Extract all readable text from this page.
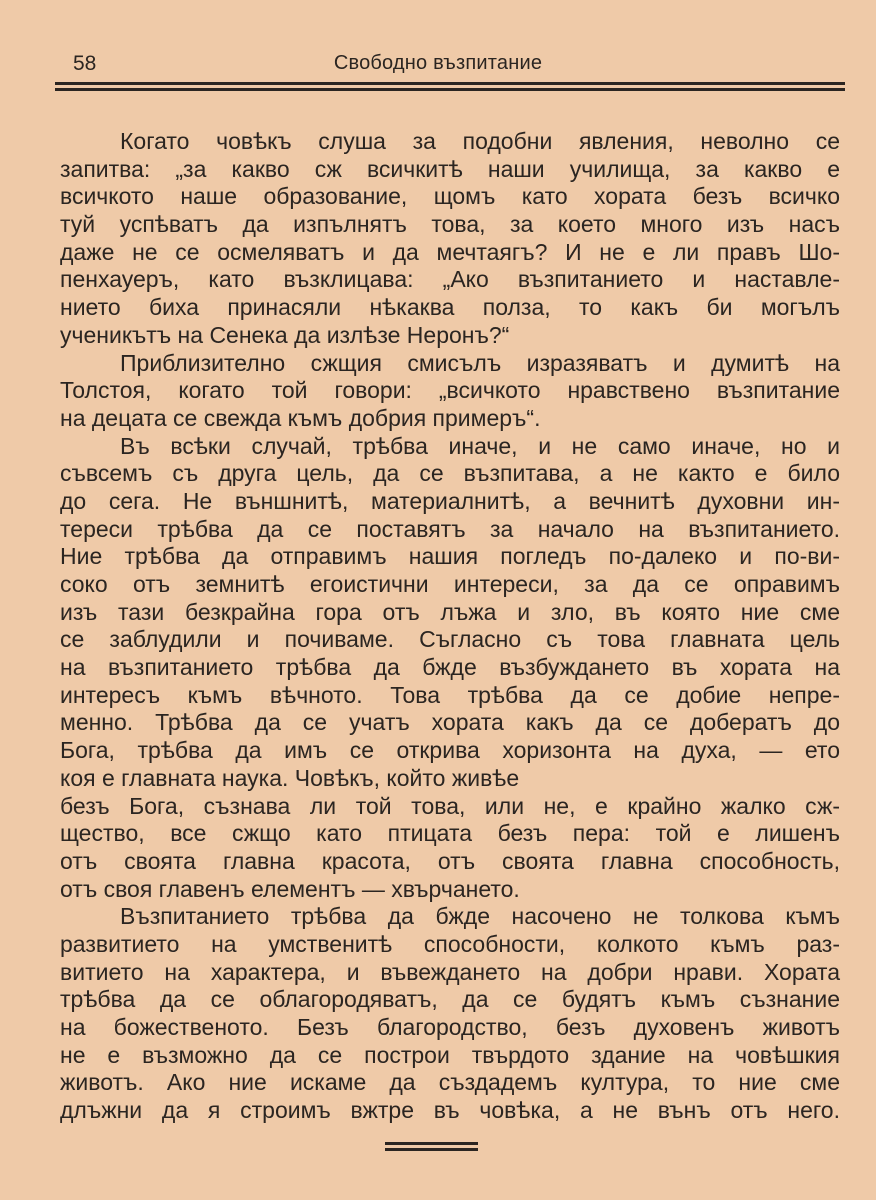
58	Свободно възпитание
Когато човѣкъ слуша за подобни явления, неволно се
запитва: „за какво сж всичкитѣ наши училища, за какво е
всичкото наше образование, щомъ като хората безъ всичко
туй успѣватъ да изпълнятъ това, за което много изъ насъ
даже не се осмеляватъ и да мечтаягъ? И не е ли правъ Шо-
пенхауеръ, като възклицава: „Ако възпитанието и наставле-
нието биха принасяли нѣкаква полза, то какъ би могълъ
ученикътъ на Сенека да излѣзе Неронъ?“
Приблизително сжщия смисълъ изразяватъ и думитѣ на
Толстоя, когато той говори: „всичкото нравствено възпитание
на децата се свежда къмъ добрия примеръ“.
Въ всѣки случай, трѣбва иначе, и не само иначе, но и
съвсемъ съ друга цель, да се възпитава, а не както е било
до сега. Не външнитѣ, материалнитѣ, а вечнитѣ духовни ин-
тереси трѣбва да се поставятъ за начало на възпитанието.
Ние трѣбва да отправимъ нашия погледъ по-далеко и по-ви-
соко отъ земнитѣ егоистични интереси, за да се оправимъ
изъ тази безкрайна гора отъ лъжа и зло, въ която ние сме
се заблудили и почиваме. Съгласно съ това главната цель
на възпитанието трѣбва да бжде възбуждането въ хората на
интересъ къмъ вѣчното. Това трѣбва да се добие непре-
менно. Трѣбва да се учатъ хората какъ да се добератъ до
Бога, трѣбва да имъ се открива хоризонта на духа, — ето
коя е главната наука. Човѣкъ, който живѣе
безъ Бога, съзнава ли той това, или не, е крайно жалко сж-
щество, все сжщо като птицата безъ пера: той е лишенъ
отъ своята главна красота, отъ своята главна способность,
отъ своя главенъ елементъ — хвърчането.
Възпитанието трѣбва да бжде насочено не толкова къмъ
развитието на умственитѣ способности, колкото къмъ раз-
витието на характера, и въвеждането на добри нрави. Хората
трѣбва да се облагородяватъ, да се будятъ къмъ съзнание
на божественото. Безъ благородство, безъ духовенъ животъ
не е възможно да се построи твърдото здание на човѣшкия
животъ. Ако ние искаме да създадемъ култура, то ние сме
длъжни да я строимъ вжтре въ човѣка, а не вънъ отъ него.
